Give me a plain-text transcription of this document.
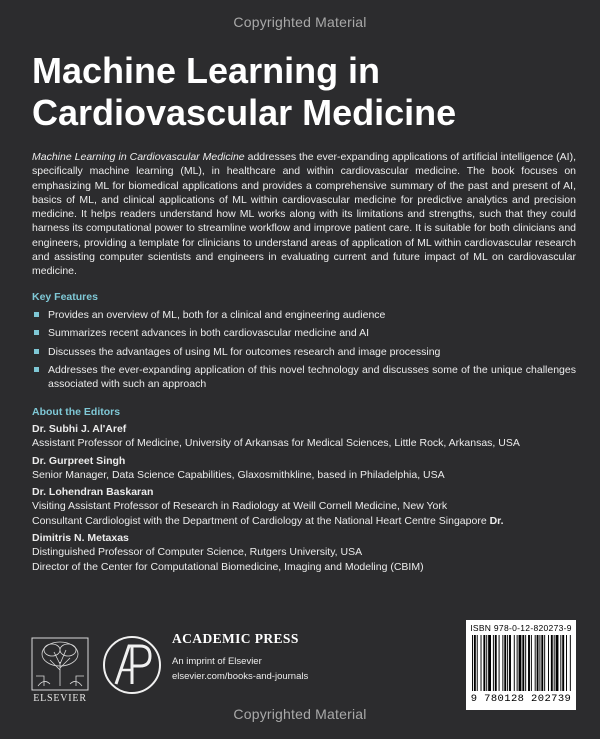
Copyrighted Material
Machine Learning in
Cardiovascular Medicine

Machine Learning in Cardiovascular Medicine addresses the ever-expanding applications of artificial intelligence (AI), specifically machine learning (ML), in healthcare and within cardiovascular medicine. The book focuses on emphasizing ML for biomedical applications and provides a comprehensive summary of the past and present of AI, basics of ML, and clinical applications of ML within cardiovascular medicine for predictive analytics and precision medicine. It helps readers understand how ML works along with its limitations and strengths, such that they could harness its computational power to streamline workflow and improve patient care. It is suitable for both clinicians and engineers, providing a template for clinicians to understand areas of application of ML within cardiovascular research and assisting computer scientists and engineers in evaluating current and future impact of ML on cardiovascular medicine.

Key Features
Provides an overview of ML, both for a clinical and engineering audience
Summarizes recent advances in both cardiovascular medicine and AI
Discusses the advantages of using ML for outcomes research and image processing
Addresses the ever-expanding application of this novel technology and discusses some of the unique challenges associated with such an approach
About the Editors
Dr. Subhi J. Al'Aref
Assistant Professor of Medicine, University of Arkansas for Medical Sciences, Little Rock, Arkansas, USA
Dr. Gurpreet Singh
Senior Manager, Data Science Capabilities, Glaxosmithkline, based in Philadelphia, USA
Dr. Lohendran Baskaran
Visiting Assistant Professor of Research in Radiology at Weill Cornell Medicine, New York
Consultant Cardiologist with the Department of Cardiology at the National Heart Centre Singapore Dr.
Dimitris N. Metaxas
Distinguished Professor of Computer Science, Rutgers University, USA
Director of the Center for Computational Biomedicine, Imaging and Modeling (CBIM)
ELSEVIER
ACADEMIC PRESS
An imprint of Elsevier
elsevier.com/books-and-journals
ISBN 978-0-12-820273-9
9 780128 202739
Copyrighted Material
